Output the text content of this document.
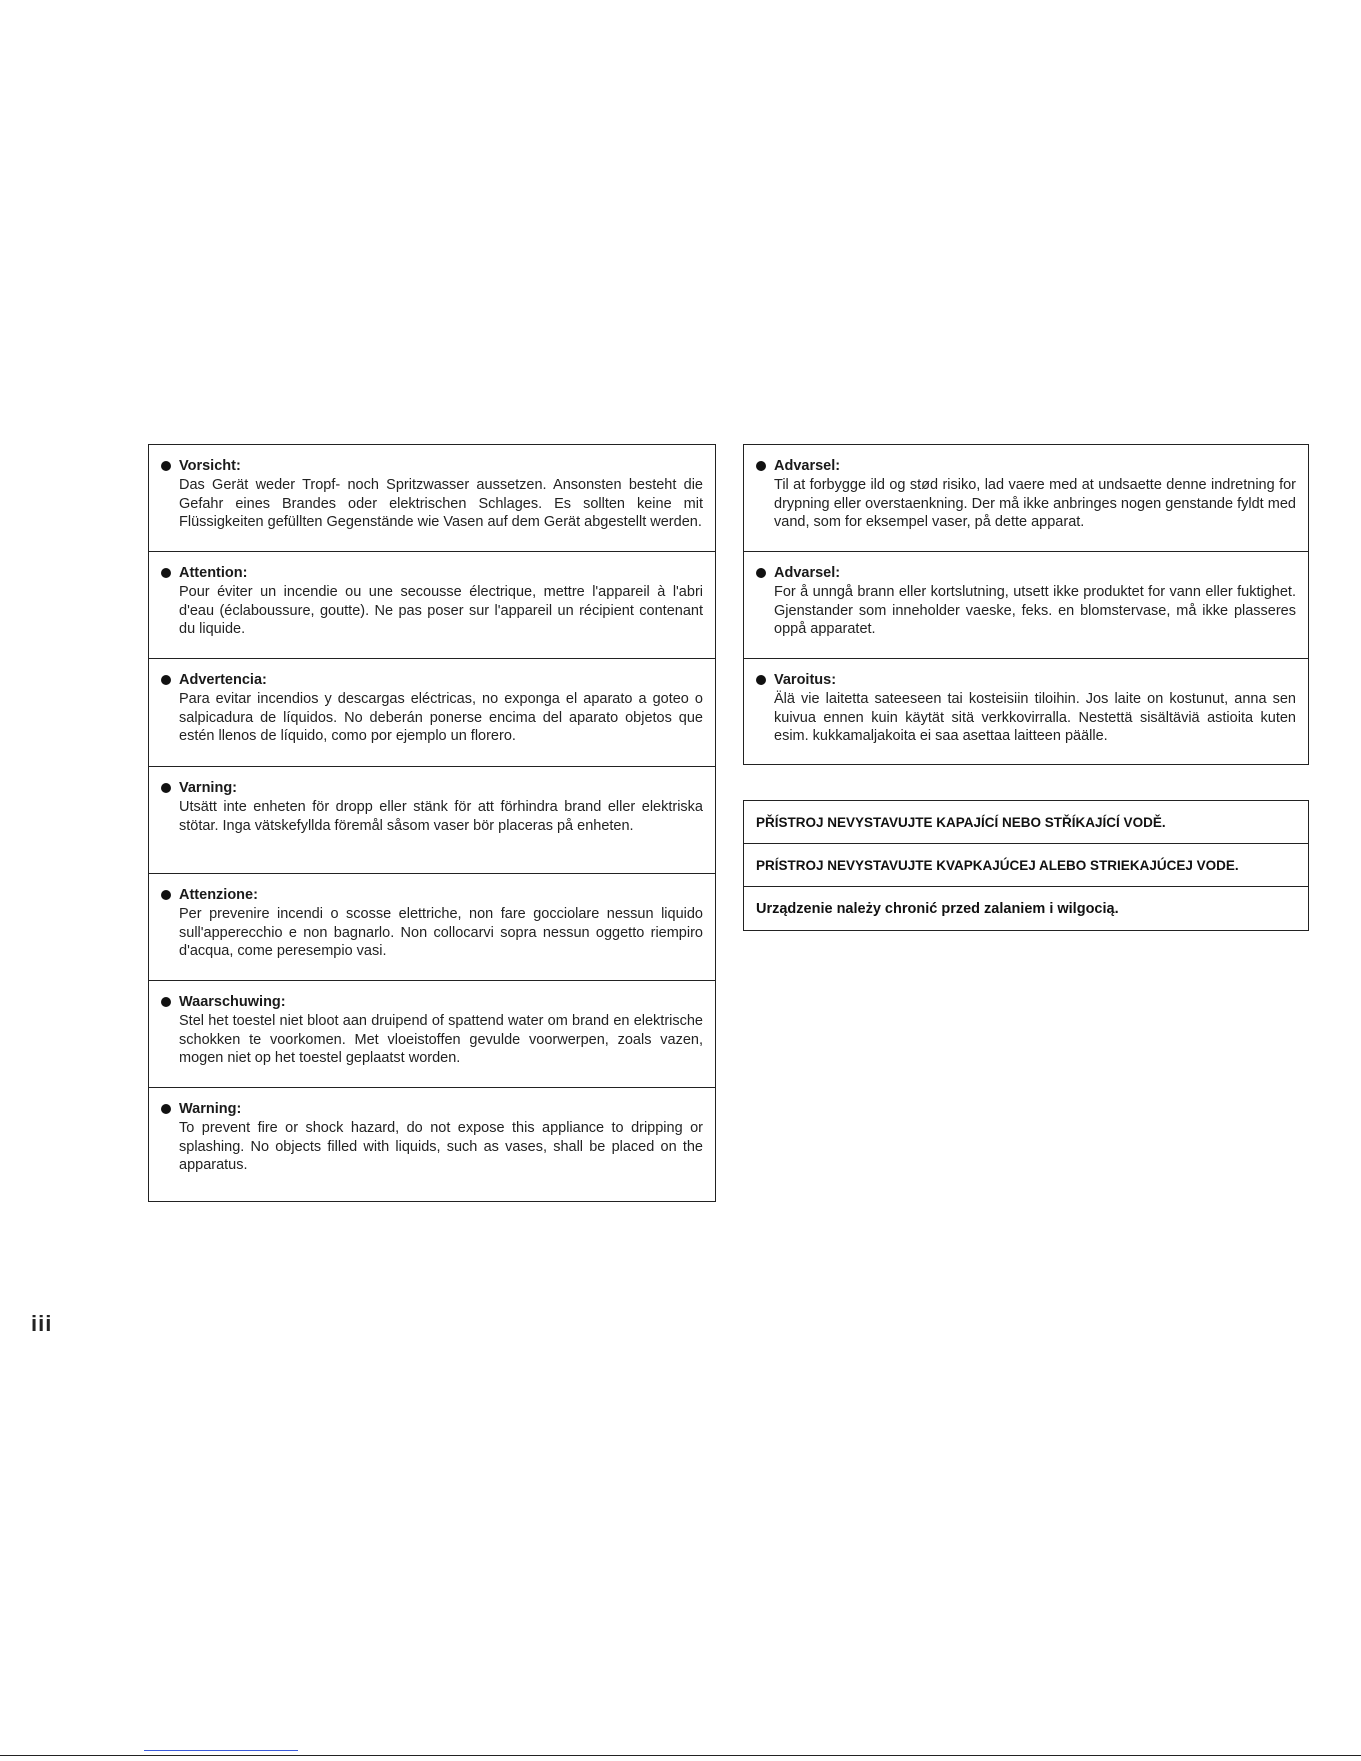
Vorsicht:
Das Gerät weder Tropf- noch Spritzwasser aussetzen. Ansonsten besteht die Gefahr eines Brandes oder elektrischen Schlages. Es sollten keine mit Flüssigkeiten gefüllten Gegenstände wie Vasen auf dem Gerät abgestellt werden.
Attention:
Pour éviter un incendie ou une secousse électrique, mettre l'appareil à l'abri d'eau (éclaboussure, goutte). Ne pas poser sur l'appareil un récipient contenant du liquide.
Advertencia:
Para evitar incendios y descargas eléctricas, no exponga el aparato a goteo o salpicadura de líquidos. No deberán ponerse encima del aparato objetos que estén llenos de líquido, como por ejemplo un florero.
Varning:
Utsätt inte enheten för dropp eller stänk för att förhindra brand eller elektriska stötar. Inga vätskefyllda föremål såsom vaser bör placeras på enheten.
Attenzione:
Per prevenire incendi o scosse elettriche, non fare gocciolare nessun liquido sull'apperecchio e non bagnarlo. Non collocarvi sopra nessun oggetto riempiro d'acqua, come peresempio vasi.
Waarschuwing:
Stel het toestel niet bloot aan druipend of spattend water om brand en elektrische schokken te voorkomen. Met vloeistoffen gevulde voorwerpen, zoals vazen, mogen niet op het toestel geplaatst worden.
Warning:
To prevent fire or shock hazard, do not expose this appliance to dripping or splashing. No objects filled with liquids, such as vases, shall be placed on the apparatus.
Advarsel:
Til at forbygge ild og stød risiko, lad vaere med at undsaette denne indretning for drypning eller overstaenkning. Der må ikke anbringes nogen genstande fyldt med vand, som for eksempel vaser, på dette apparat.
Advarsel:
For å unngå brann eller kortslutning, utsett ikke produktet for vann eller fuktighet. Gjenstander som inneholder vaeske, feks. en blomstervase, må ikke plasseres oppå apparatet.
Varoitus:
Älä vie laitetta sateeseen tai kosteisiin tiloihin. Jos laite on kostunut, anna sen kuivua ennen kuin käytät sitä verkkovirralla. Nestettä sisältäviä astioita kuten esim. kukkamaljakoita ei saa asettaa laitteen päälle.
PŘÍSTROJ NEVYSTAVUJTE KAPAJÍCÍ NEBO STŘÍKAJÍCÍ VODĚ.
PRÍSTROJ NEVYSTAVUJTE KVAPKAJÚCEJ ALEBO STRIEKAJÚCEJ VODE.
Urządzenie należy chronić przed zalaniem i wilgocią.
iii
